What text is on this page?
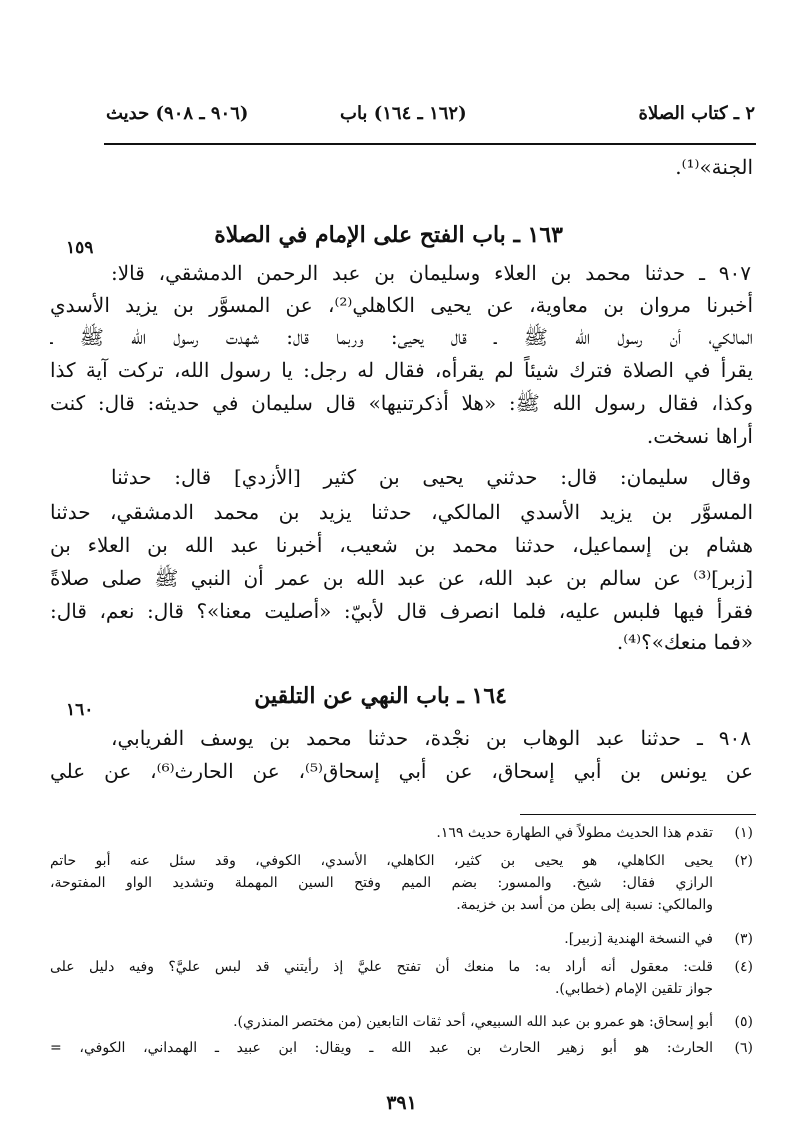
٢ ـ كتاب الصلاة
(١٦٢ ـ ١٦٤) باب
(٩٠٦ ـ ٩٠٨) حديث
الجنة»⁽¹⁾.
١٦٣ ـ باب الفتح على الإمام في الصلاة
١٥٩
٩٠٧ ـ حدثنا محمد بن العلاء وسليمان بن عبد الرحمن الدمشقي، قالا:
أخبرنا مروان بن معاوية، عن يحيى الكاهلي⁽²⁾، عن المسوَّر بن يزيد الأسدي
المالكي، أن رسول الله ﷺ ـ قال يحيى: وربما قال: شهدت رسول الله ﷺ ـ
يقرأ في الصلاة فترك شيئاً لم يقرأه، فقال له رجل: يا رسول الله، تركت آية كذا
وكذا، فقال رسول الله ﷺ: «هلا أذكرتنيها» قال سليمان في حديثه: قال: كنت
أراها نسخت.
وقال سليمان: قال: حدثني يحيى بن كثير [الأزدي] قال: حدثنا
المسوَّر بن يزيد الأسدي المالكي، حدثنا يزيد بن محمد الدمشقي، حدثنا
هشام بن إسماعيل، حدثنا محمد بن شعيب، أخبرنا عبد الله بن العلاء بن
[زبر]⁽³⁾ عن سالم بن عبد الله، عن عبد الله بن عمر أن النبي ﷺ صلى صلاةً
فقرأ فيها فلبس عليه، فلما انصرف قال لأبيّ: «أصليت معنا»؟ قال: نعم، قال:
«فما منعك»؟⁽⁴⁾.
١٦٤ ـ باب النهي عن التلقين
١٦٠
٩٠٨ ـ حدثنا عبد الوهاب بن نجْدة، حدثنا محمد بن يوسف الفريابي،
عن يونس بن أبي إسحاق، عن أبي إسحاق⁽⁵⁾، عن الحارث⁽⁶⁾، عن علي
(١)
تقدم هذا الحديث مطولاً في الطهارة حديث ١٦٩.
(٢)
يحيى الكاهلي، هو يحيى بن كثير، الكاهلي، الأسدي، الكوفي، وقد سئل عنه أبو حاتم
الرازي فقال: شيخ. والمسور: بضم الميم وفتح السين المهملة وتشديد الواو المفتوحة،
والمالكي: نسبة إلى بطن من أسد بن خزيمة.
(٣)
في النسخة الهندية [زبير].
(٤)
قلت: معقول أنه أراد به: ما منعك أن تفتح عليَّ إذ رأيتني قد لبس عليَّ؟ وفيه دليل على
جواز تلقين الإمام (خطابي).
(٥)
أبو إسحاق: هو عمرو بن عبد الله السبيعي، أحد ثقات التابعين (من مختصر المنذري).
(٦)
الحارث: هو أبو زهير الحارث بن عبد الله ـ ويقال: ابن عبيد ـ الهمداني، الكوفي، =
٣٩١
